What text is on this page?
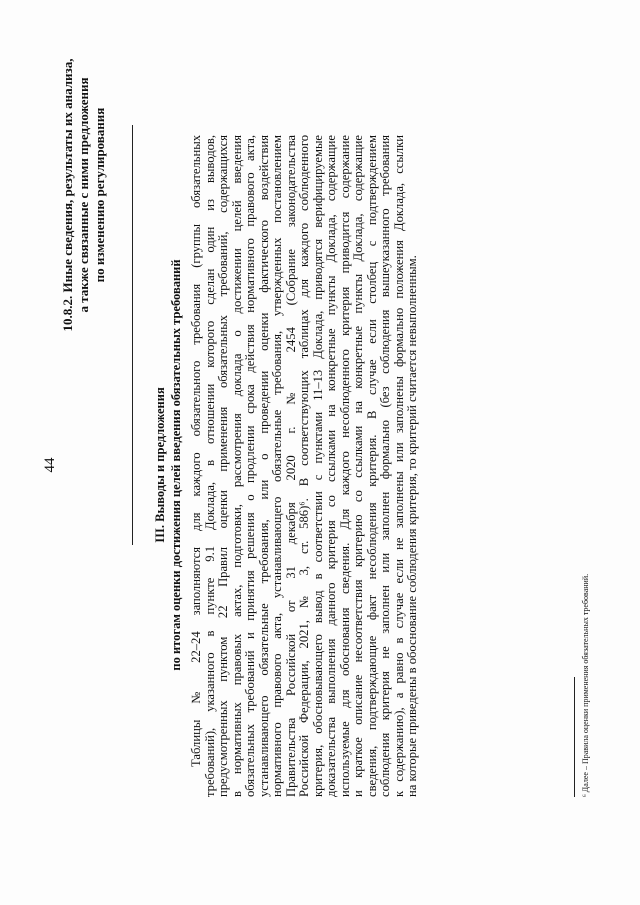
44
10.8.2. Иные сведения, результаты их анализа, а также связанные с ними предложения по изменению регулирования
III. Выводы и предложения по итогам оценки достижения целей введения обязательных требований Таблицы № 22–24 заполняются для каждого обязательного требования (группы обязательных требований), указанного в пункте 9.1 Доклада, в отношении которого сделан один из выводов, предусмотренных пунктом 22 Правил оценки применения обязательных требований, содержащихся в нормативных правовых актах, подготовки, рассмотрения доклада о достижении целей введения обязательных требований и принятия решения о продлении срока действия нормативного правового акта, устанавливающего обязательные требования, или о проведении оценки фактического воздействия нормативного правового акта, устанавливающего обязательные требования, утвержденных постановлением Правительства Российской от 31 декабря 2020 г. № 2454 (Собрание законодательства Российской Федерации, 2021, № 3, ст. 586)⁶. В соответствующих таблицах для каждого соблюденного критерия, обосновывающего вывод в соответствии с пунктами 11–13 Доклада, приводятся верифицируемые доказательства выполнения данного критерия со ссылками на конкретные пункты Доклада, содержащие используемые для обоснования сведения. Для каждого несоблюденного критерия приводится содержание и краткое описание несоответствия критерию со ссылками на конкретные пункты Доклада, содержащие сведения, подтверждающие факт несоблюдения критерия. В случае если столбец с подтверждением соблюдения критерия не заполнен или заполнен формально (без соблюдения вышеуказанного требования к содержанию), а равно в случае если не заполнены или заполнены формально положения Доклада, ссылки на которые приведены в обоснование соблюдения критерия, то критерий считается невыполненным.	⁶ Далее – Правила оценки применения обязательных требований.
